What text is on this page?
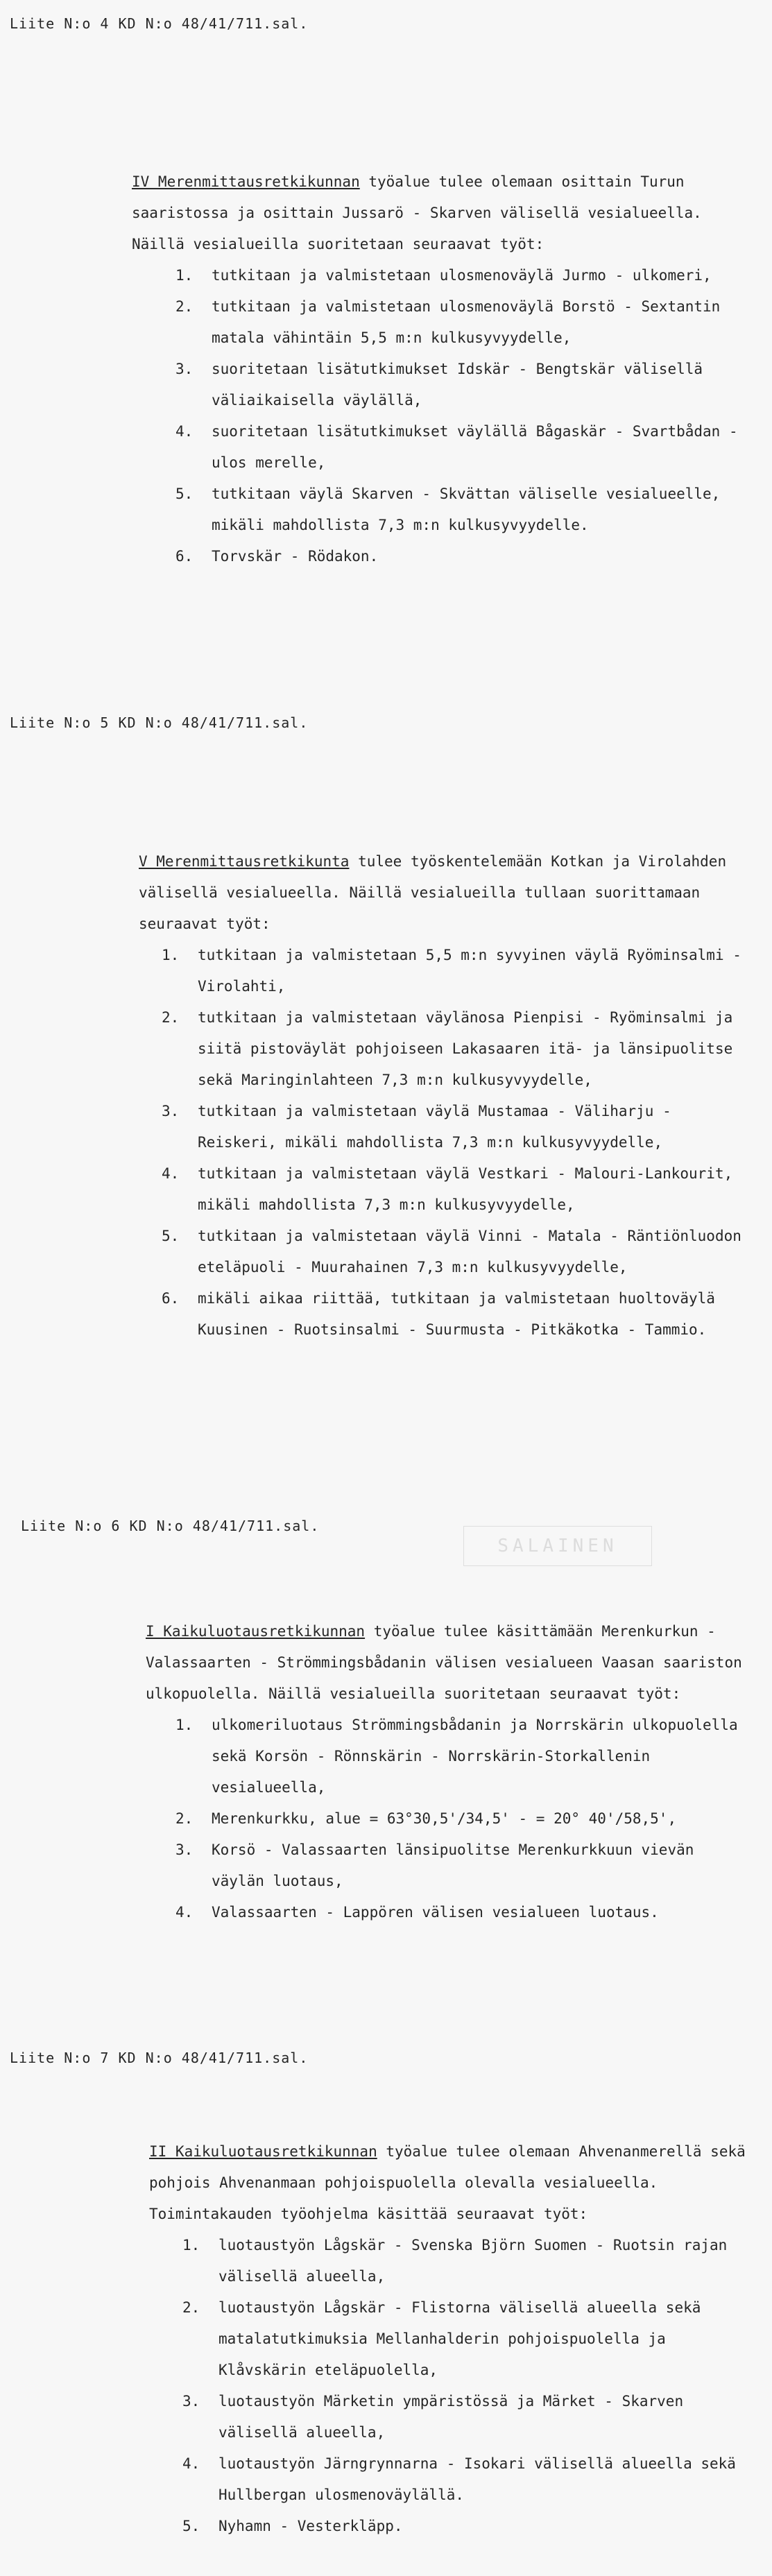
Liite N:o 4 KD N:o 48/41/711.sal.

IV Merenmittausretkikunnan työalue tulee olemaan osittain Turun saaristossa ja osittain Jussarö - Skarven välisellä vesialueella. Näillä vesialueilla suoritetaan seuraavat työt:

1. tutkitaan ja valmistetaan ulosmenoväylä Jurmo - ulkomeri,
2. tutkitaan ja valmistetaan ulosmenoväylä Borstö - Sextantin matala vähintäin 5,5 m:n kulkusyvyydelle,
3. suoritetaan lisätutkimukset Idskär - Bengtskär välisellä väliaikaisella väylällä,
4. suoritetaan lisätutkimukset väylällä Bågaskär - Svartbådan - ulos merelle,
5. tutkitaan väylä Skarven - Skvättan väliselle vesialueelle, mikäli mahdollista 7,3 m:n kulkusyvyydelle.
6. Torvskär - Rödakon.
Liite N:o 5 KD N:o 48/41/711.sal.

V Merenmittausretkikunta tulee työskentelemään Kotkan ja Virolahden välisellä vesialueella. Näillä vesialueilla tullaan suorittamaan seuraavat työt:

1. tutkitaan ja valmistetaan 5,5 m:n syvyinen väylä Ryöminsalmi - Virolahti,
2. tutkitaan ja valmistetaan väylänosa Pienpisi - Ryöminsalmi ja siitä pistoväylät pohjoiseen Lakasaaren itä- ja länsipuolitse sekä Maringinlahteen 7,3 m:n kulkusyvyydelle,
3. tutkitaan ja valmistetaan väylä Mustamaa - Väliharju - Reiskeri, mikäli mahdollista 7,3 m:n kulkusyvyydelle,
4. tutkitaan ja valmistetaan väylä Vestkari - Malouri-Lankourit, mikäli mahdollista 7,3 m:n kulkusyvyydelle,
5. tutkitaan ja valmistetaan väylä Vinni - Matala - Räntiönluodon eteläpuoli - Muurahainen 7,3 m:n kulkusyvyydelle,
6. mikäli aikaa riittää, tutkitaan ja valmistetaan huoltoväylä Kuusinen - Ruotsinsalmi - Suurmusta - Pitkäkotka - Tammio.
Liite N:o 6 KD N:o 48/41/711.sal.
SALAINEN

I Kaikuluotausretkikunnan työalue tulee käsittämään Merenkurkun - Valassaarten - Strömmingsbådanin välisen vesialueen Vaasan saariston ulkopuolella. Näillä vesialueilla suoritetaan seuraavat työt:

1. ulkomeriluotaus Strömmingsbådanin ja Norrskärin ulkopuolella sekä Korsön - Rönnskärin - Norrskärin-Storkallenin vesialueella,
2. Merenkurkku, alue = 63°30,5'/34,5' - = 20° 40'/58,5',
3. Korsö - Valassaarten länsipuolitse Merenkurkkuun vievän väylän luotaus,
4. Valassaarten - Lappören välisen vesialueen luotaus.
Liite N:o 7 KD N:o 48/41/711.sal.

II Kaikuluotausretkikunnan työalue tulee olemaan Ahvenanmerellä sekä pohjois Ahvenanmaan pohjoispuolella olevalla vesialueella. Toimintakauden työohjelma käsittää seuraavat työt:

1. luotaustyön Lågskär - Svenska Björn Suomen - Ruotsin rajan välisellä alueella,
2. luotaustyön Lågskär - Flistorna välisellä alueella sekä matalatutkimuksia Mellanhalderin pohjoispuolella ja Klåvskärin eteläpuolella,
3. luotaustyön Märketin ympäristössä ja Märket - Skarven välisellä alueella,
4. luotaustyön Järngrynnarna - Isokari välisellä alueella sekä Hullbergan ulosmenoväylällä.
5. Nyhamn - Vesterkläpp.
